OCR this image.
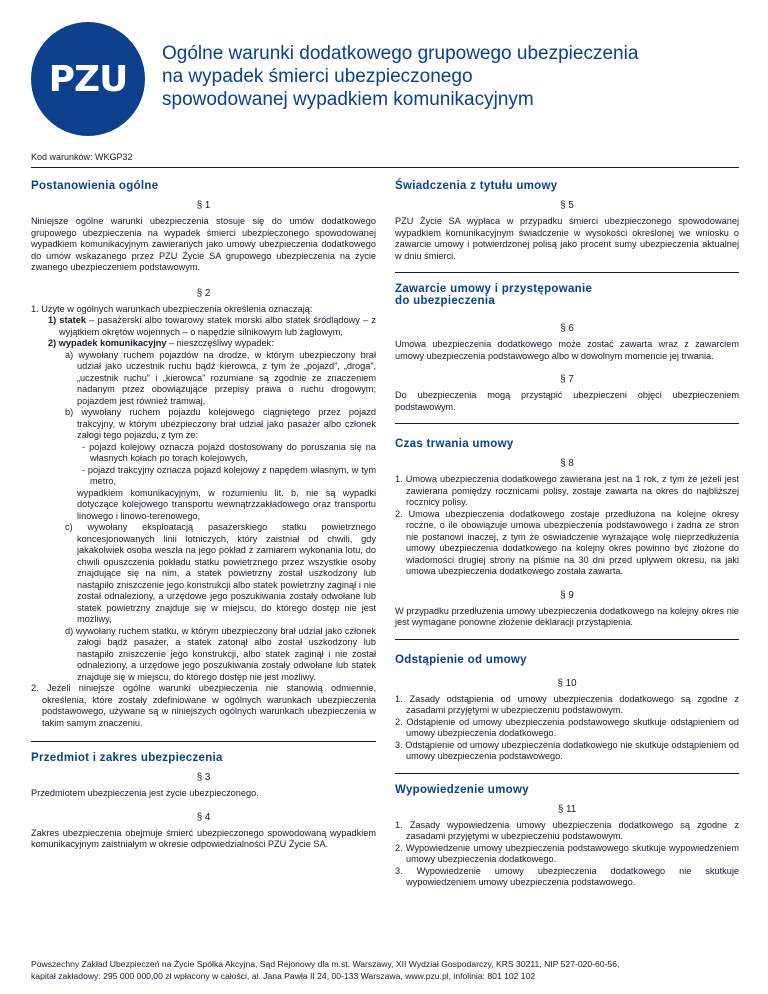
PZU
Ogólne warunki dodatkowego grupowego ubezpieczenia
na wypadek śmierci ubezpieczonego
spowodowanej wypadkiem komunikacyjnym
Kod warunków: WKGP32
Postanowienia ogólne
§ 1
Niniejsze ogólne warunki ubezpieczenia stosuje się do umów dodatkowego grupowego ubezpieczenia na wypadek śmierci ubezpieczonego spowodowanej wypadkiem komunikacyjnym zawieranych jako umowy ubezpieczenia dodatkowego do umów wskazanego przez PZU Życie SA grupowego ubezpieczenia na życie zwanego ubezpieczeniem podstawowym.
§ 2
1. Użyte w ogólnych warunkach ubezpieczenia określenia oznaczają:
1) statek – pasażerski albo towarowy statek morski albo statek śródlądowy – z wyjątkiem okrętów wojennych – o napędzie silnikowym lub żaglowym,
2) wypadek komunikacyjny – nieszczęśliwy wypadek:
a) wywołany ruchem pojazdów na drodze, w którym ubezpieczony brał udział jako uczestnik ruchu bądź kierowca, z tym że „pojazd”, „droga”, „uczestnik ruchu” i „kierowca” rozumiane są zgodnie ze znaczeniem nadanym przez obowiązujące przepisy prawa o ruchu drogowym; pojazdem jest również tramwaj,
b) wywołany ruchem pojazdu kolejowego ciągniętego przez pojazd trakcyjny, w którym ubezpieczony brał udział jako pasażer albo członek załogi tego pojazdu, z tym że:
- pojazd kolejowy oznacza pojazd dostosowany do poruszania się na własnych kołach po torach kolejowych,
- pojazd trakcyjny oznacza pojazd kolejowy z napędem własnym, w tym metro,
wypadkiem komunikacyjnym, w rozumieniu lit. b, nie są wypadki dotyczące kolejowego transportu wewnątrzzakładowego oraz transportu linowego i linowo-terenowego,
c) wywołany eksploatacją pasażerskiego statku powietrznego koncesjonowanych linii lotniczych, który zaistniał od chwili, gdy jakakolwiek osoba weszła na jego pokład z zamiarem wykonania lotu, do chwili opuszczenia pokładu statku powietrznego przez wszystkie osoby znajdujące się na nim, a statek powietrzny został uszkodzony lub nastąpiło zniszczenie jego konstrukcji albo statek powietrzny zaginął i nie został odnaleziony, a urzędowe jego poszukiwania zostały odwołane lub statek powietrzny znajduje się w miejscu, do którego dostęp nie jest możliwy,
d) wywołany ruchem statku, w którym ubezpieczony brał udział jako członek załogi bądź pasażer, a statek zatonął albo został uszkodzony lub nastąpiło zniszczenie jego konstrukcji, albo statek zaginął i nie został odnaleziony, a urzędowe jego poszukiwania zostały odwołane lub statek znajduje się w miejscu, do którego dostęp nie jest możliwy.
2. Jeżeli niniejsze ogólne warunki ubezpieczenia nie stanowią odmiennie, określenia, które zostały zdefiniowane w ogólnych warunkach ubezpieczenia podstawowego, używane są w niniejszych ogólnych warunkach ubezpieczenia w takim samym znaczeniu.
Przedmiot i zakres ubezpieczenia
§ 3
Przedmiotem ubezpieczenia jest życie ubezpieczonego.
§ 4
Zakres ubezpieczenia obejmuje śmierć ubezpieczonego spowodowaną wypadkiem komunikacyjnym zaistniałym w okresie odpowiedzialności PZU Życie SA.
Świadczenia z tytułu umowy
§ 5
PZU Życie SA wypłaca w przypadku śmierci ubezpieczonego spowodowanej wypadkiem komunikacyjnym świadczenie w wysokości określonej we wniosku o zawarcie umowy i potwierdzonej polisą jako procent sumy ubezpieczenia aktualnej w dniu śmierci.
Zawarcie umowy i przystępowanie
do ubezpieczenia
§ 6
Umowa ubezpieczenia dodatkowego może zostać zawarta wraz z zawarciem umowy ubezpieczenia podstawowego albo w dowolnym momencie jej trwania.
§ 7
Do ubezpieczenia mogą przystąpić ubezpieczeni objęci ubezpieczeniem podstawowym.
Czas trwania umowy
§ 8
1. Umowa ubezpieczenia dodatkowego zawierana jest na 1 rok, z tym że jeżeli jest zawierana pomiędzy rocznicami polisy, zostaje zawarta na okres do najbliższej rocznicy polisy.
2. Umowa ubezpieczenia dodatkowego zostaje przedłużona na kolejne okresy roczne, o ile obowiązuje umowa ubezpieczenia podstawowego i żadna ze stron nie postanowi inaczej, z tym że oświadczenie wyrażające wolę nieprzedłużenia umowy ubezpieczenia dodatkowego na kolejny okres powinno być złożone do wiadomości drugiej strony na piśmie na 30 dni przed upływem okresu, na jaki umowa ubezpieczenia dodatkowego została zawarta.
§ 9
W przypadku przedłużenia umowy ubezpieczenia dodatkowego na kolejny okres nie jest wymagane ponowne złożenie deklaracji przystąpienia.
Odstąpienie od umowy
§ 10
1. Zasady odstąpienia od umowy ubezpieczenia dodatkowego są zgodne z zasadami przyjętymi w ubezpieczeniu podstawowym.
2. Odstąpienie od umowy ubezpieczenia podstawowego skutkuje odstąpieniem od umowy ubezpieczenia dodatkowego.
3. Odstąpienie od umowy ubezpieczenia dodatkowego nie skutkuje odstąpieniem od umowy ubezpieczenia podstawowego.
Wypowiedzenie umowy
§ 11
1. Zasady wypowiedzenia umowy ubezpieczenia dodatkowego są zgodne z zasadami przyjętymi w ubezpieczeniu podstawowym.
2. Wypowiedzenie umowy ubezpieczenia podstawowego skutkuje wypowiedzeniem umowy ubezpieczenia dodatkowego.
3. Wypowiedzenie umowy ubezpieczenia dodatkowego nie skutkuje wypowiedzeniem umowy ubezpieczenia podstawowego.
Powszechny Zakład Ubezpieczeń na Życie Spółka Akcyjna, Sąd Rejonowy dla m.st. Warszawy, XII Wydział Gospodarczy, KRS 30211, NIP 527-020-60-56,
kapitał zakładowy: 295 000 000,00 zł wpłacony w całości, al. Jana Pawła II 24, 00-133 Warszawa, www.pzu.pl, infolinia: 801 102 102
